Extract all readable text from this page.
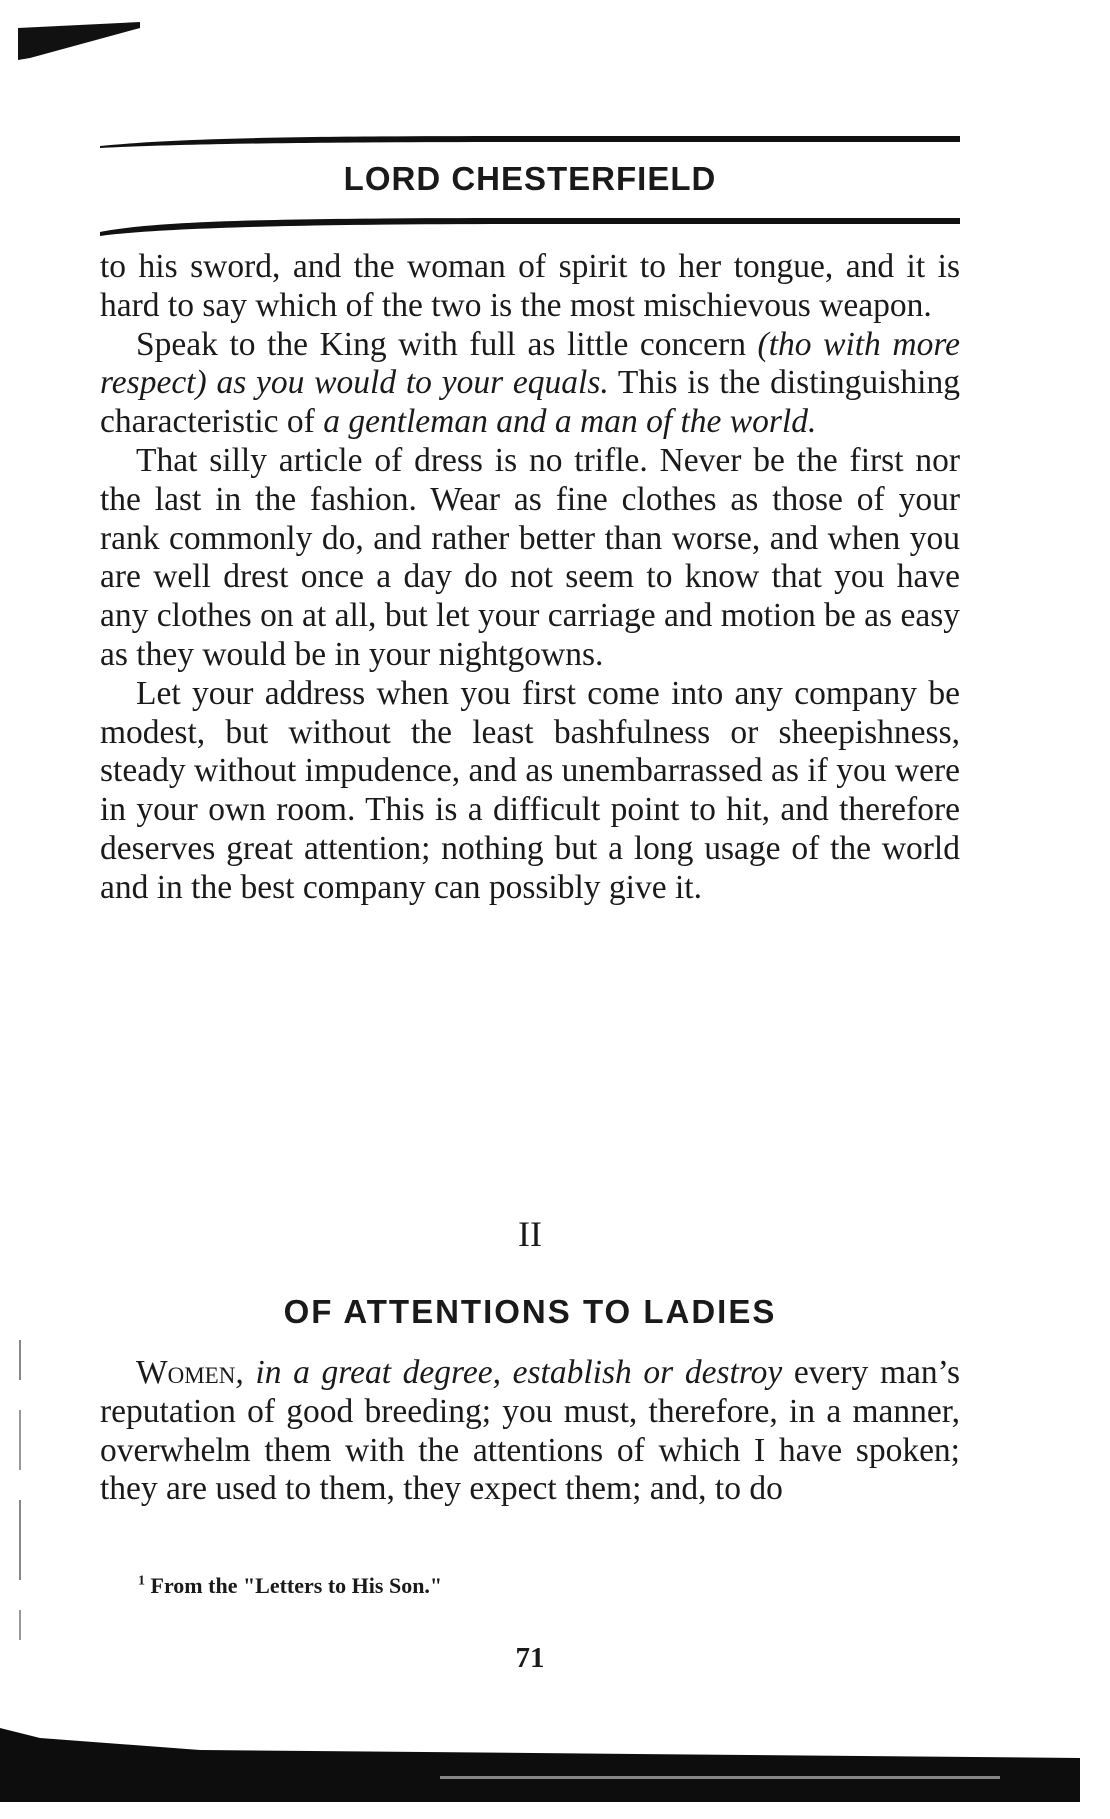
LORD CHESTERFIELD

to his sword, and the woman of spirit to her tongue, and it is hard to say which of the two is the most mischievous weapon.

Speak to the King with full as little concern (tho with more respect) as you would to your equals. This is the distinguishing characteristic of a gentleman and a man of the world.

That silly article of dress is no trifle. Never be the first nor the last in the fashion. Wear as fine clothes as those of your rank commonly do, and rather better than worse, and when you are well drest once a day do not seem to know that you have any clothes on at all, but let your carriage and motion be as easy as they would be in your nightgowns.

Let your address when you first come into any company be modest, but without the least bashfulness or sheepishness, steady without impudence, and as unembarrassed as if you were in your own room. This is a difficult point to hit, and therefore deserves great attention; nothing but a long usage of the world and in the best company can possibly give it.

II
OF ATTENTIONS TO LADIES

Women, in a great degree, establish or destroy every man’s reputation of good breeding; you must, therefore, in a manner, overwhelm them with the attentions of which I have spoken; they are used to them, they expect them; and, to do

$^1$ From the "Letters to His Son."
71
